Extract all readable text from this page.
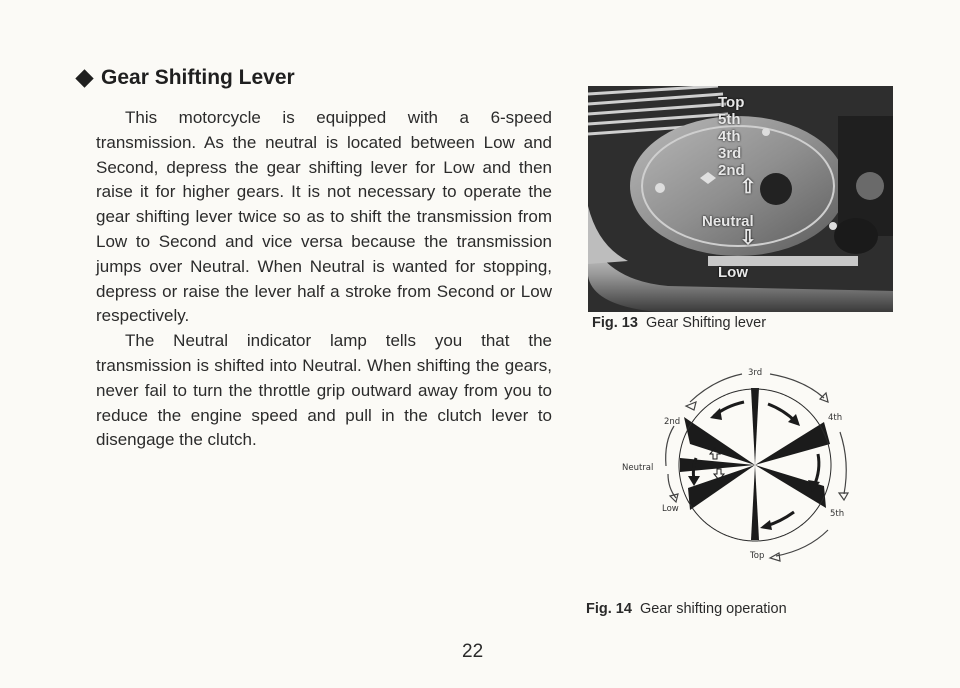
Gear Shifting Lever

This motorcycle is equipped with a 6-speed transmission. As the neutral is located between Low and Second, depress the gear shifting lever for Low and then raise it for higher gears. It is not necessary to operate the gear shifting lever twice so as to shift the transmission from Low to Second and vice versa because the transmission jumps over Neutral. When Neutral is wanted for stopping, depress or raise the lever half a stroke from Second or Low respectively.

The Neutral indicator lamp tells you that the transmission is shifted into Neutral. When shifting the gears, never fail to turn the throttle grip outward away from you to reduce the engine speed and pull in the clutch lever to disengage the clutch.

Top
5th
4th
3rd
2nd
⇧
Neutral
⇩
Low
Fig. 13 Gear Shifting lever
3rd
4th
2nd
Neutral
Low	5th
Top
Fig. 14 Gear shifting operation
22
